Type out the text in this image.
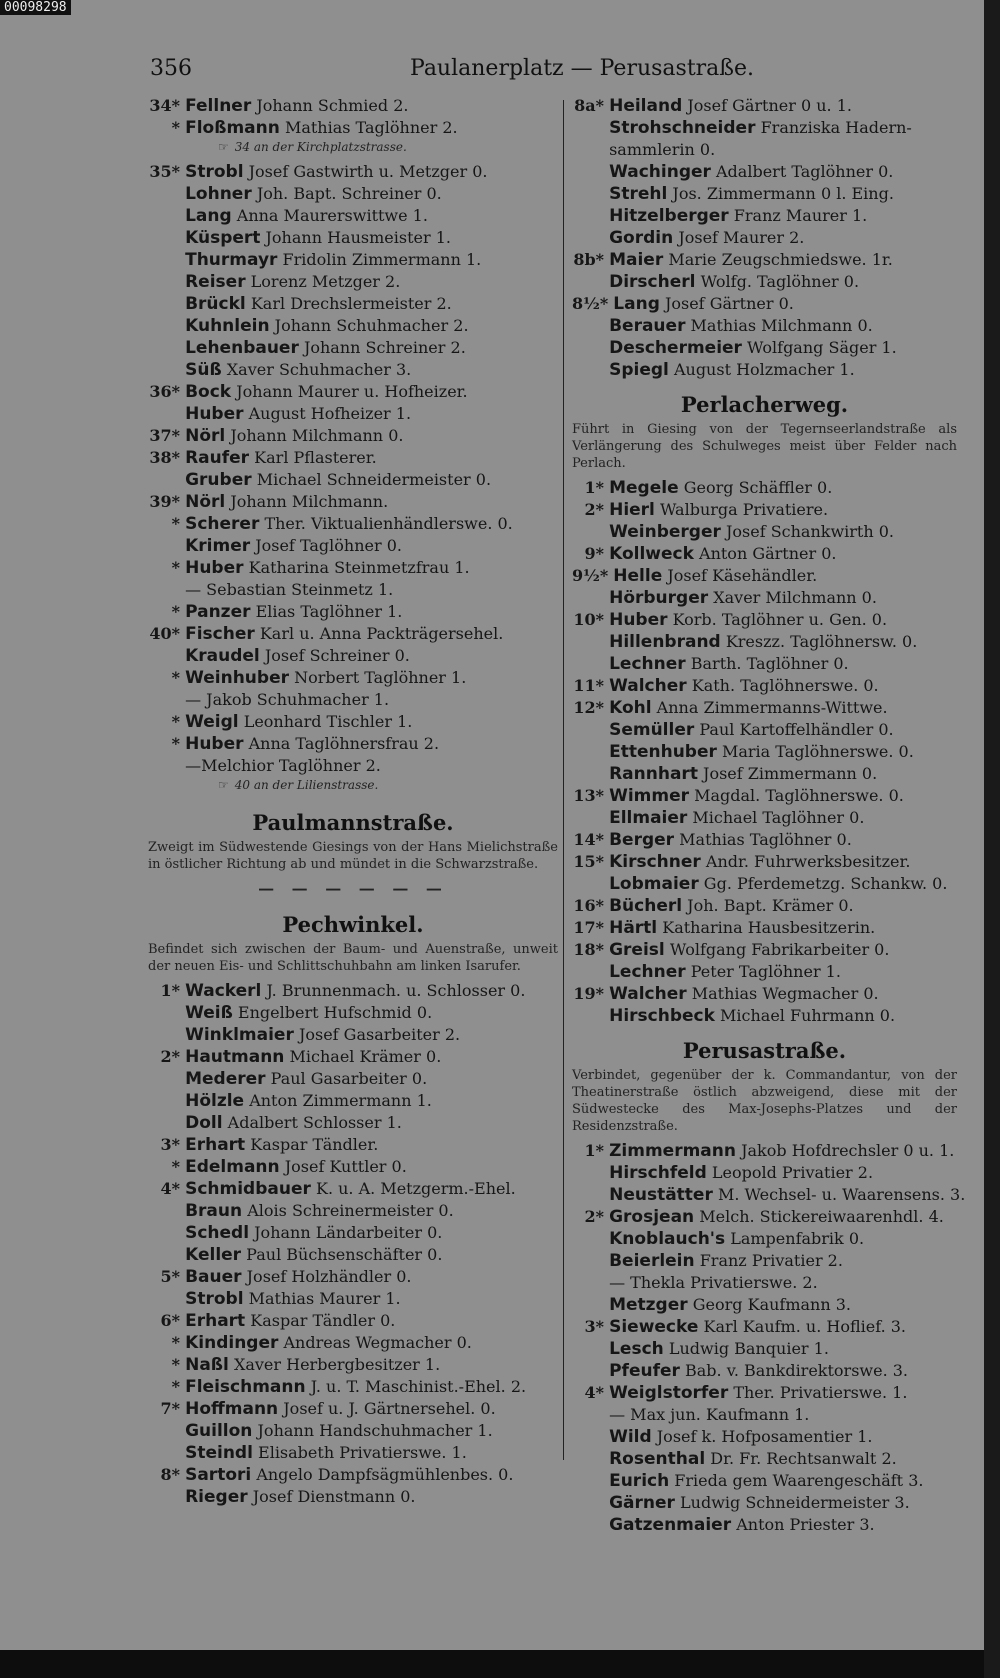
00098298
356	Paulanerplatz — Perusastraße.
34* Fellner Johann Schmied 2.
* Floßmann Mathias Taglöhner 2.
☞ 34 an der Kirchplatzstrasse.
35* Strobl Josef Gastwirth u. Metzger 0.
Lohner Joh. Bapt. Schreiner 0.
Lang Anna Maurerswittwe 1.
Küspert Johann Hausmeister 1.
Thurmayr Fridolin Zimmermann 1.
Reiser Lorenz Metzger 2.
Brückl Karl Drechslermeister 2.
Kuhnlein Johann Schuhmacher 2.
Lehenbauer Johann Schreiner 2.
Süß Xaver Schuhmacher 3.
36* Bock Johann Maurer u. Hofheizer.
Huber August Hofheizer 1.
37* Nörl Johann Milchmann 0.
38* Raufer Karl Pflasterer.
Gruber Michael Schneidermeister 0.
39* Nörl Johann Milchmann.
* Scherer Ther. Viktualienhändlerswe. 0.
Krimer Josef Taglöhner 0.
* Huber Katharina Steinmetzfrau 1.
— Sebastian Steinmetz 1.
* Panzer Elias Taglöhner 1.
40* Fischer Karl u. Anna Packträgersehel.
Kraudel Josef Schreiner 0.
* Weinhuber Norbert Taglöhner 1.
— Jakob Schuhmacher 1.
* Weigl Leonhard Tischler 1.
* Huber Anna Taglöhnersfrau 2.
—Melchior Taglöhner 2.
☞ 40 an der Lilienstrasse.
Paulmannstraße.
Zweigt im Südwestende Giesings von der Hans Mielichstraße in östlicher Richtung ab und mündet in die Schwarzstraße.
— — — — — —
Pechwinkel.
Befindet sich zwischen der Baum- und Auenstraße, unweit der neuen Eis- und Schlittschuhbahn am linken Isarufer.
1* Wackerl J. Brunnenmach. u. Schlosser 0.
Weiß Engelbert Hufschmid 0.
Winklmaier Josef Gasarbeiter 2.
2* Hautmann Michael Krämer 0.
Mederer Paul Gasarbeiter 0.
Hölzle Anton Zimmermann 1.
Doll Adalbert Schlosser 1.
3* Erhart Kaspar Tändler.
* Edelmann Josef Kuttler 0.
4* Schmidbauer K. u. A. Metzgerm.-Ehel.
Braun Alois Schreinermeister 0.
Schedl Johann Ländarbeiter 0.
Keller Paul Büchsenschäfter 0.
5* Bauer Josef Holzhändler 0.
Strobl Mathias Maurer 1.
6* Erhart Kaspar Tändler 0.
* Kindinger Andreas Wegmacher 0.
* Naßl Xaver Herbergbesitzer 1.
* Fleischmann J. u. T. Maschinist.-Ehel. 2.
7* Hoffmann Josef u. J. Gärtnersehel. 0.
Guillon Johann Handschuhmacher 1.
Steindl Elisabeth Privatierswe. 1.
8* Sartori Angelo Dampfsägmühlenbes. 0.
Rieger Josef Dienstmann 0.
8a* Heiland Josef Gärtner 0 u. 1.
Strohschneider Franziska Hadern-
sammlerin 0.
Wachinger Adalbert Taglöhner 0.
Strehl Jos. Zimmermann 0 l. Eing.
Hitzelberger Franz Maurer 1.
Gordin Josef Maurer 2.
8b* Maier Marie Zeugschmiedswe. 1r.
Dirscherl Wolfg. Taglöhner 0.
8½* Lang Josef Gärtner 0.
Berauer Mathias Milchmann 0.
Deschermeier Wolfgang Säger 1.
Spiegl August Holzmacher 1.
Perlacherweg.
Führt in Giesing von der Tegernseerlandstraße als Verlängerung des Schulweges meist über Felder nach Perlach.
1* Megele Georg Schäffler 0.
2* Hierl Walburga Privatiere.
Weinberger Josef Schankwirth 0.
9* Kollweck Anton Gärtner 0.
9½* Helle Josef Käsehändler.
Hörburger Xaver Milchmann 0.
10* Huber Korb. Taglöhner u. Gen. 0.
Hillenbrand Kreszz. Taglöhnersw. 0.
Lechner Barth. Taglöhner 0.
11* Walcher Kath. Taglöhnerswe. 0.
12* Kohl Anna Zimmermanns-Wittwe.
Semüller Paul Kartoffelhändler 0.
Ettenhuber Maria Taglöhnerswe. 0.
Rannhart Josef Zimmermann 0.
13* Wimmer Magdal. Taglöhnerswe. 0.
Ellmaier Michael Taglöhner 0.
14* Berger Mathias Taglöhner 0.
15* Kirschner Andr. Fuhrwerksbesitzer.
Lobmaier Gg. Pferdemetzg. Schankw. 0.
16* Bücherl Joh. Bapt. Krämer 0.
17* Härtl Katharina Hausbesitzerin.
18* Greisl Wolfgang Fabrikarbeiter 0.
Lechner Peter Taglöhner 1.
19* Walcher Mathias Wegmacher 0.
Hirschbeck Michael Fuhrmann 0.
Perusastraße.
Verbindet, gegenüber der k. Commandantur, von der Theatinerstraße östlich abzweigend, diese mit der Südwestecke des Max-Josephs-Platzes und der Residenzstraße.
1* Zimmermann Jakob Hofdrechsler 0 u. 1.
Hirschfeld Leopold Privatier 2.
Neustätter M. Wechsel- u. Waarensens. 3.
2* Grosjean Melch. Stickereiwaarenhdl. 4.
Knoblauch's Lampenfabrik 0.
Beierlein Franz Privatier 2.
— Thekla Privatierswe. 2.
Metzger Georg Kaufmann 3.
3* Siewecke Karl Kaufm. u. Hoflief. 3.
Lesch Ludwig Banquier 1.
Pfeufer Bab. v. Bankdirektorswe. 3.
4* Weiglstorfer Ther. Privatierswe. 1.
— Max jun. Kaufmann 1.
Wild Josef k. Hofposamentier 1.
Rosenthal Dr. Fr. Rechtsanwalt 2.
Eurich Frieda gem Waarengeschäft 3.
Gärner Ludwig Schneidermeister 3.
Gatzenmaier Anton Priester 3.
